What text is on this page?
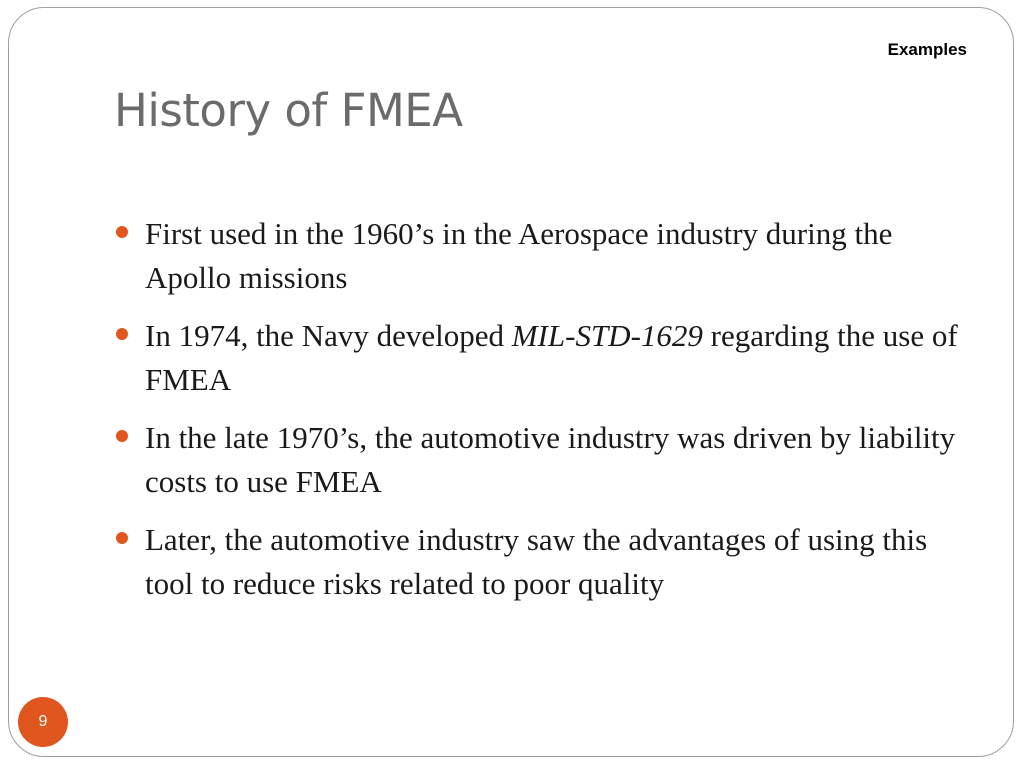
Examples
History of FMEA
First used in the 1960’s in the Aerospace industry during the Apollo missions
In 1974, the Navy developed MIL-STD-1629 regarding the use of FMEA
In the late 1970’s, the automotive industry was driven by liability costs to use FMEA
Later, the automotive industry saw the advantages of using this tool to reduce risks related to poor quality
9
